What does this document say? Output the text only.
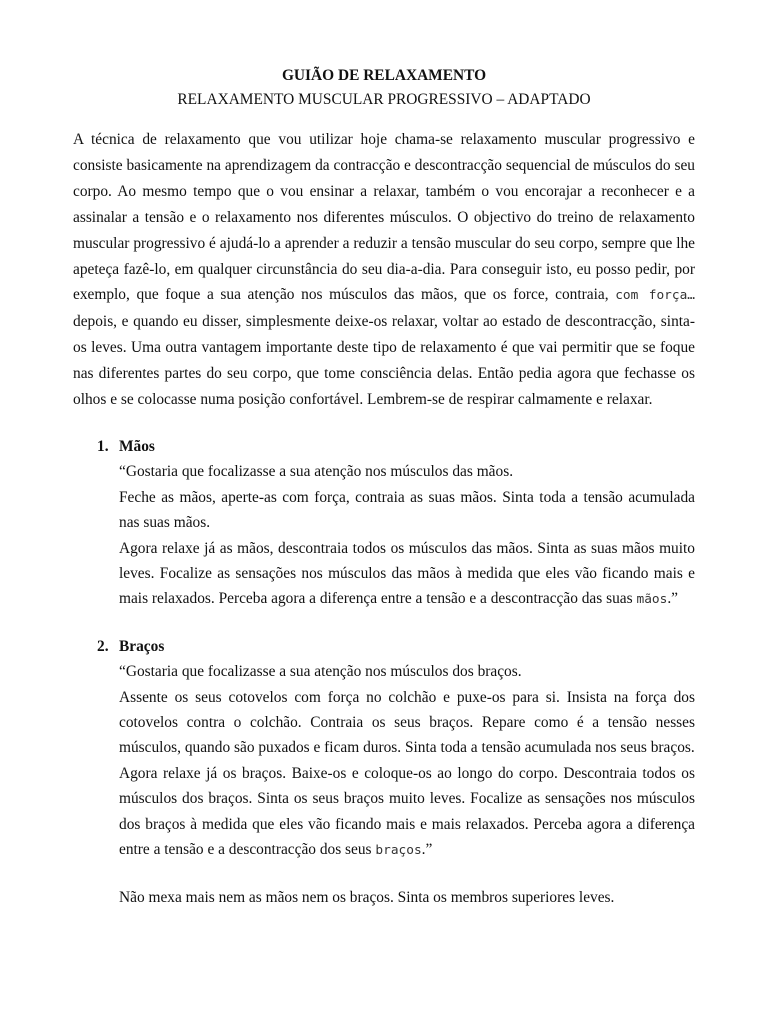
GUIÃO DE RELAXAMENTO

RELAXAMENTO MUSCULAR PROGRESSIVO – ADAPTADO

A técnica de relaxamento que vou utilizar hoje chama-se relaxamento muscular progressivo e consiste basicamente na aprendizagem da contracção e descontracção sequencial de músculos do seu corpo. Ao mesmo tempo que o vou ensinar a relaxar, também o vou encorajar a reconhecer e a assinalar a tensão e o relaxamento nos diferentes músculos. O objectivo do treino de relaxamento muscular progressivo é ajudá-lo a aprender a reduzir a tensão muscular do seu corpo, sempre que lhe apeteça fazê-lo, em qualquer circunstância do seu dia-a-dia. Para conseguir isto, eu posso pedir, por exemplo, que foque a sua atenção nos músculos das mãos, que os force, contraia, com força… depois, e quando eu disser, simplesmente deixe-os relaxar, voltar ao estado de descontracção, sinta-os leves. Uma outra vantagem importante deste tipo de relaxamento é que vai permitir que se foque nas diferentes partes do seu corpo, que tome consciência delas. Então pedia agora que fechasse os olhos e se colocasse numa posição confortável. Lembrem-se de respirar calmamente e relaxar.

1. Mãos

“Gostaria que focalizasse a sua atenção nos músculos das mãos.

Feche as mãos, aperte-as com força, contraia as suas mãos. Sinta toda a tensão acumulada nas suas mãos.

Agora relaxe já as mãos, descontraia todos os músculos das mãos. Sinta as suas mãos muito leves. Focalize as sensações nos músculos das mãos à medida que eles vão ficando mais e mais relaxados. Perceba agora a diferença entre a tensão e a descontracção das suas mãos.”

2. Braços

“Gostaria que focalizasse a sua atenção nos músculos dos braços.

Assente os seus cotovelos com força no colchão e puxe-os para si. Insista na força dos cotovelos contra o colchão. Contraia os seus braços. Repare como é a tensão nesses músculos, quando são puxados e ficam duros. Sinta toda a tensão acumulada nos seus braços.

Agora relaxe já os braços. Baixe-os e coloque-os ao longo do corpo. Descontraia todos os músculos dos braços. Sinta os seus braços muito leves. Focalize as sensações nos músculos dos braços à medida que eles vão ficando mais e mais relaxados. Perceba agora a diferença entre a tensão e a descontracção dos seus braços.”

Não mexa mais nem as mãos nem os braços. Sinta os membros superiores leves.
